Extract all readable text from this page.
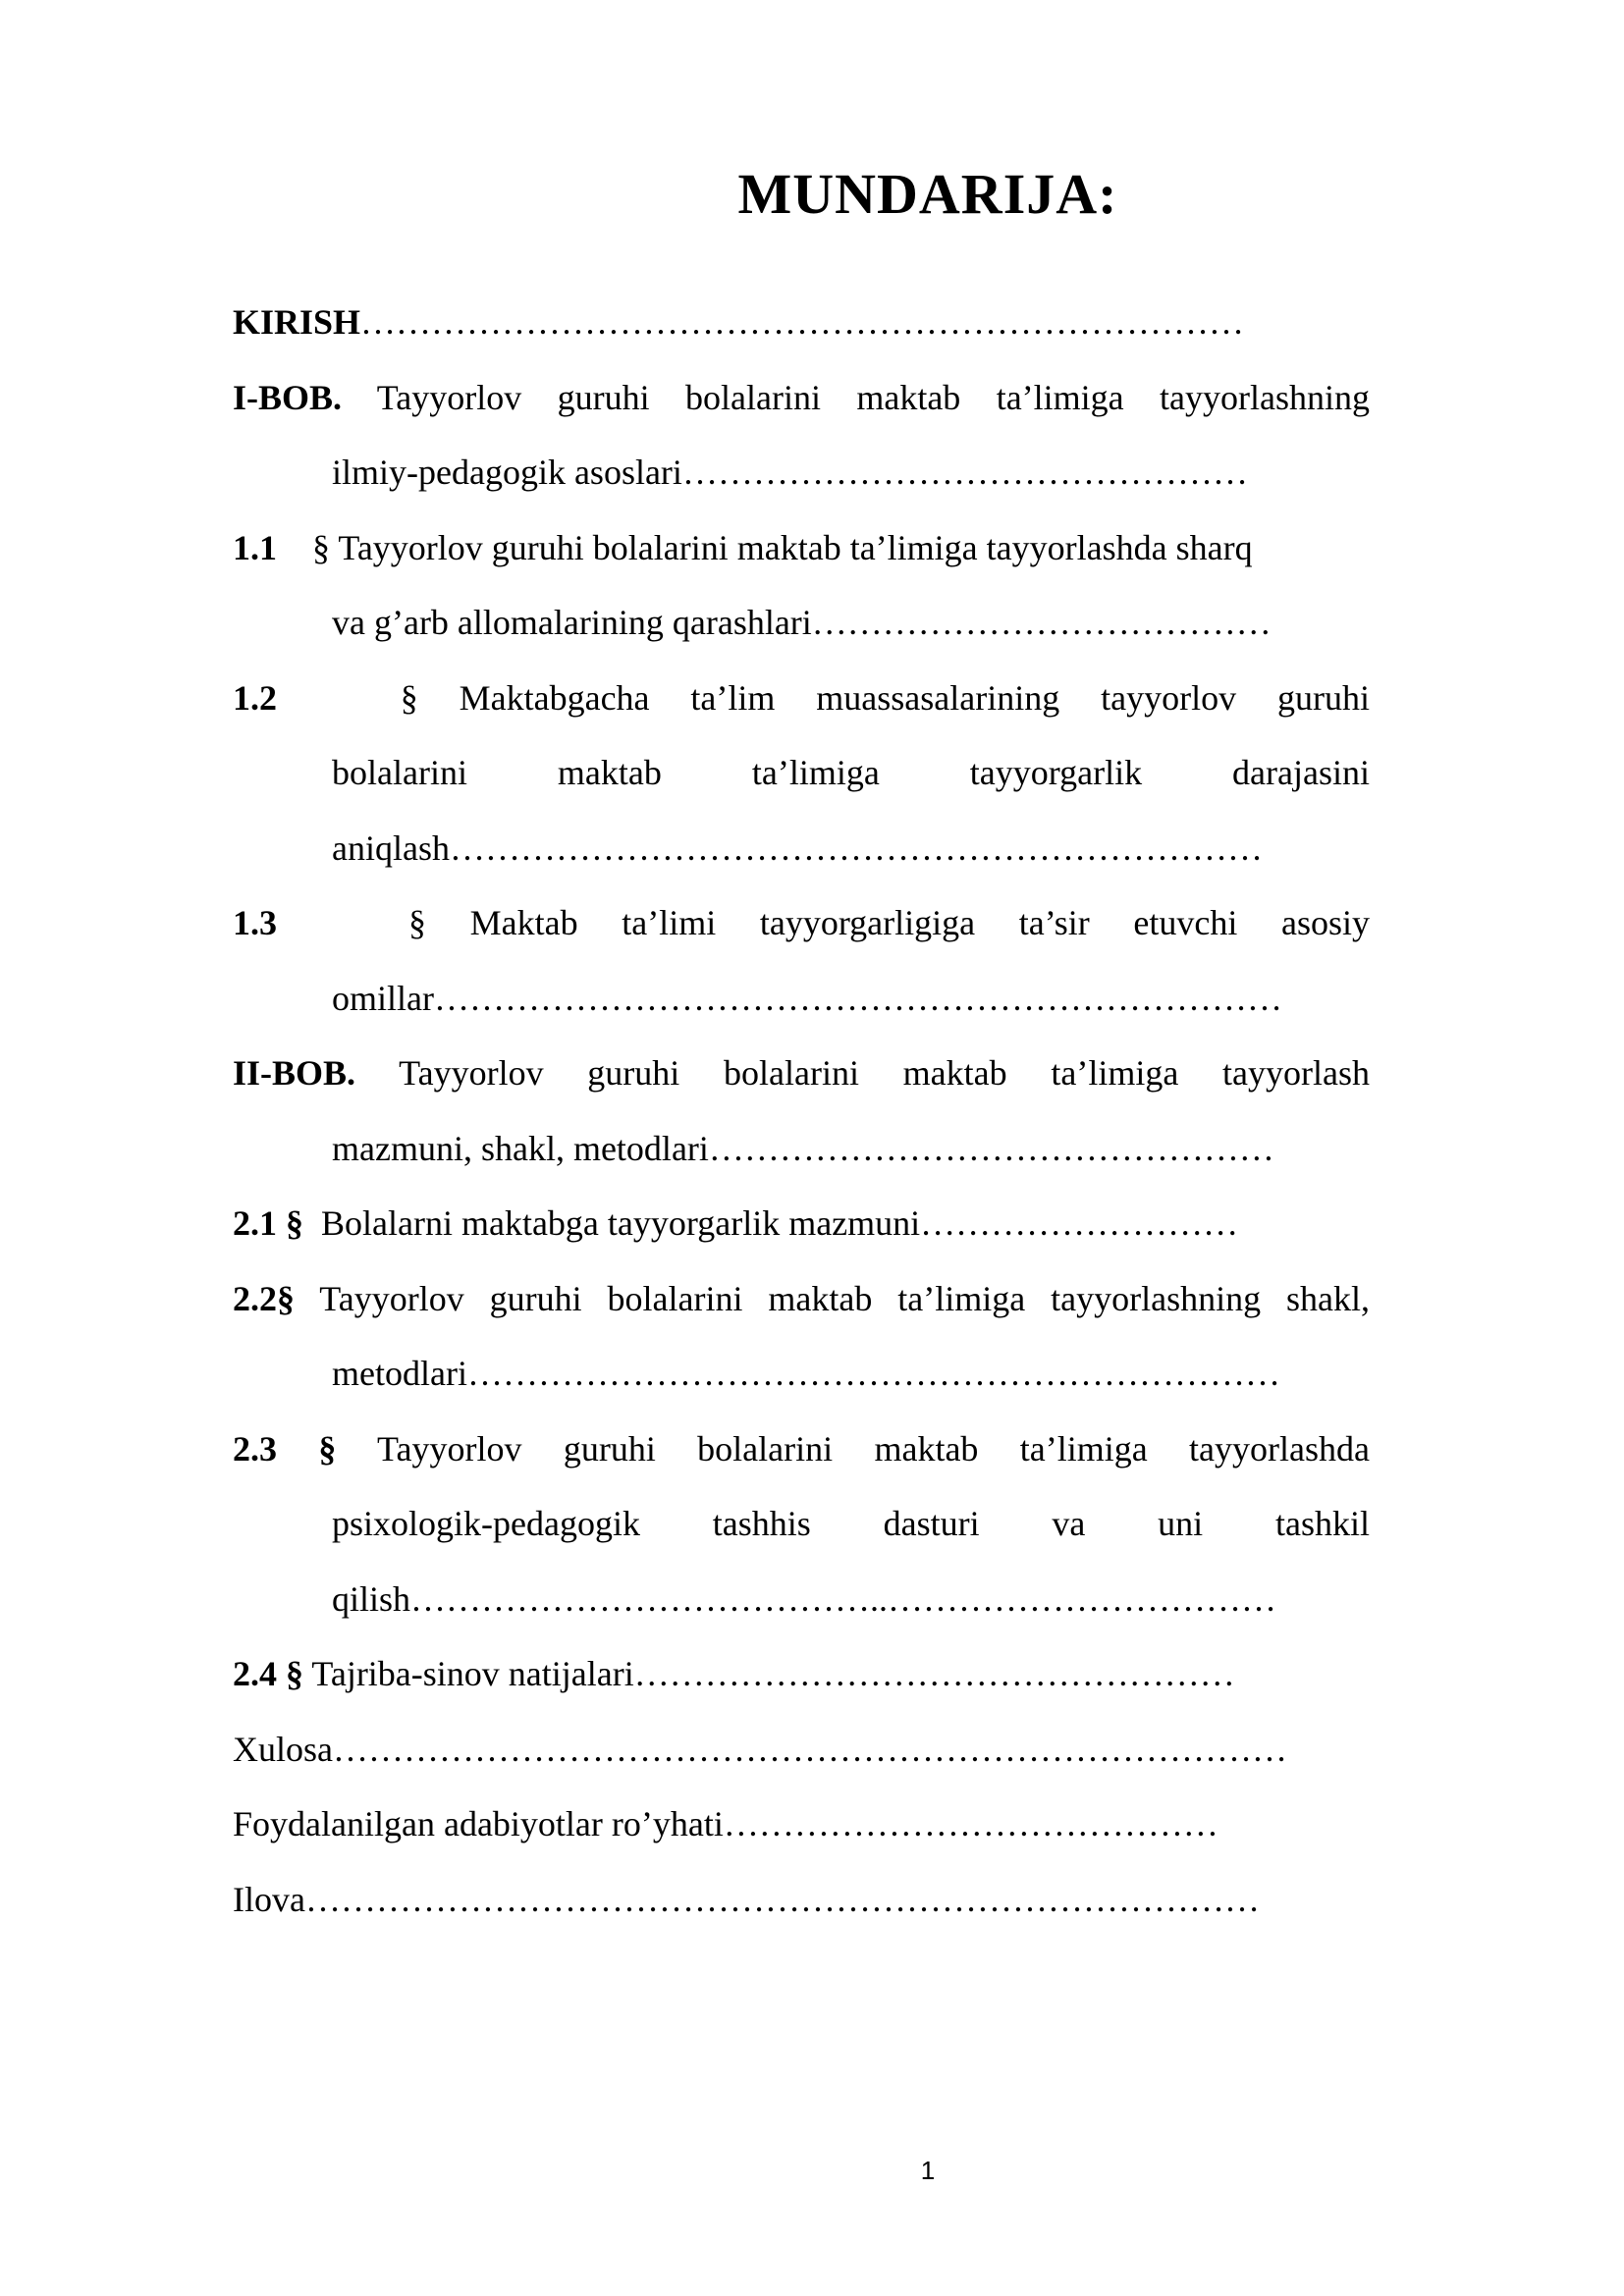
MUNDARIJA:
KIRISH…………………………………………………………………
I-BOB. Tayyorlov guruhi bolalarini maktab ta’limiga tayyorlashning
ilmiy-pedagogik asoslari…………………………………………
1.1 § Tayyorlov guruhi bolalarini maktab ta’limiga tayyorlashda sharq
va g’arb allomalarining qarashlari…………………………………
1.2	§ Maktabgacha ta’lim muassasalarining tayyorlov guruhi
bolalarini maktab ta’limiga tayyorgarlik darajasini
aniqlash……………………………………………………………
1.3	§ Maktab ta’limi tayyorgarligiga ta’sir etuvchi asosiy
omillar………………………………………………………………
II-BOB. Tayyorlov guruhi bolalarini maktab ta’limiga tayyorlash
mazmuni, shakl, metodlari…………………………………………
2.1 § Bolalarni maktabga tayyorgarlik mazmuni………………………
2.2§ Tayyorlov guruhi bolalarini maktab ta’limiga tayyorlashning shakl,
metodlari……………………………………………………………
2.3 § Tayyorlov guruhi bolalarini maktab ta’limiga tayyorlashda
psixologik-pedagogik tashhis dasturi va uni tashkil
qilish…………………………………..……………………………
2.4 § Tajriba-sinov natijalari……………………………………………
Xulosa………………………………………………………………………
Foydalanilgan adabiyotlar ro’yhati……………………………………
Ilova………………………………………………………………………
1
